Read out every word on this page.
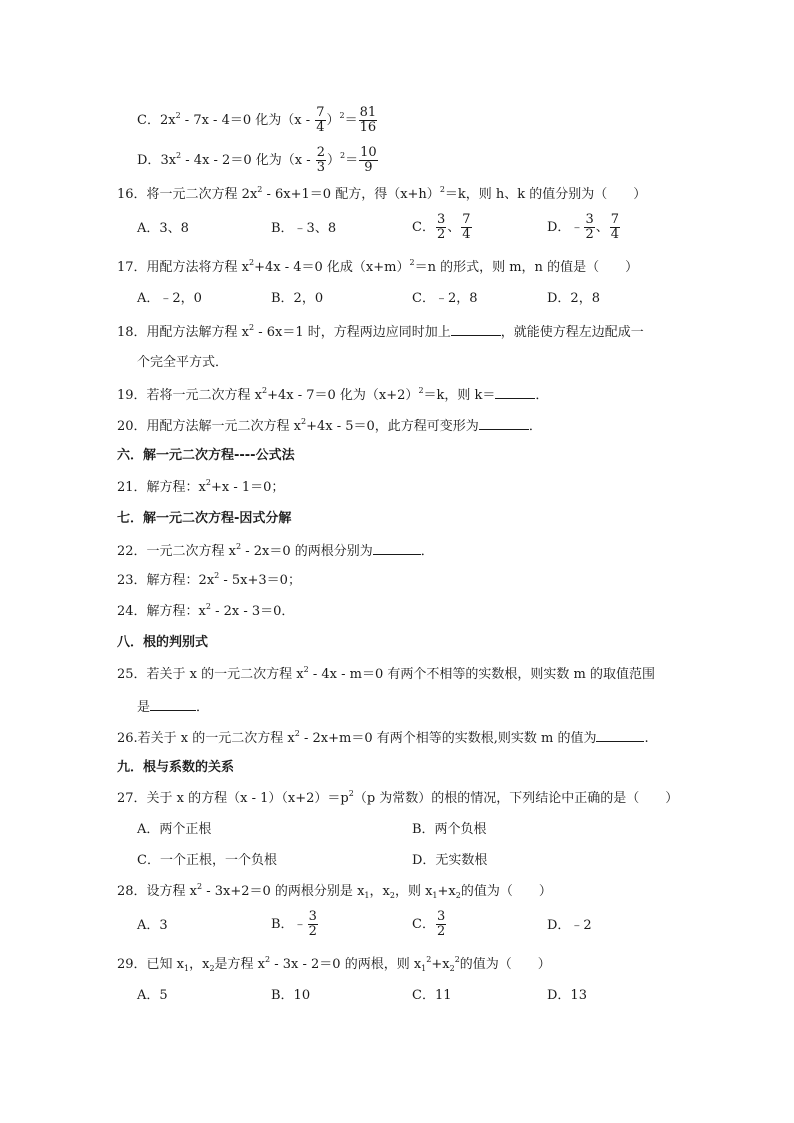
C．$2x^2 - 7x - 4=0$ 化为$(x - \frac{7}{4} )^2= \frac{81}{16}$
D．$3x^2 - 4x - 2=0$ 化为$(x - \frac{2}{3} )^2= \frac{10}{9}$
16．将一元二次方程 $2x^2 - 6x+1=0$ 配方，得$(x+h)^2=k$，则 h、k 的值分别为（　　）
A．3、8	B．﹣3、8	C． $\frac{3}{2}$ 、 $\frac{7}{4}$	D．﹣ $\frac{3}{2}$ 、 $\frac{7}{4}$
17．用配方法将方程 $x^2+4x - 4=0$ 化成$(x+m)^2=n$ 的形式，则 m，n 的值是（　　）
A．﹣2，0	B．2，0	C．﹣2，8	D．2，8
18．用配方法解方程 $x^2 - 6x=1$ 时，方程两边应同时加上	，就能使方程左边配成一
个完全平方式．
19．若将一元二次方程 $x^2+4x - 7=0$ 化为$(x+2)^2=k$，则 k＝	．
20．用配方法解一元二次方程 $x^2+4x - 5=0$，此方程可变形为	．
六．解一元二次方程----公式法
21．解方程：$x^2+x - 1=0$；
七．解一元二次方程-因式分解
22．一元二次方程 $x^2 - 2x=0$ 的两根分别为	．
23．解方程：$2x^2 - 5x+3=0$；
24．解方程：$x^2 - 2x - 3=0$．
八．根的判别式
25．若关于 x 的一元二次方程 $x^2 - 4x - m=0$ 有两个不相等的实数根，则实数 m 的取值范围
是	．
26.若关于 x 的一元二次方程 $x^2 - 2x+m=0$ 有两个相等的实数根,则实数 m 的值为	.
九．根与系数的关系
27．关于 x 的方程$(x - 1)(x+2)=p^2(p$ 为常数）的根的情况，下列结论中正确的是（　　）
A．两个正根	B．两个负根
C．一个正根，一个负根	D．无实数根
28．设方程 $x^2 - 3x+2=0$ 的两根分别是 $x_1$，$x_2$，则 $x_1+x_2$的值为（　　）
A．3	B．﹣ $\frac{3}{2}$	C． $\frac{3}{2}$	D．﹣2
29．已知 $x_1$，$x_2$是方程 $x^2 - 3x - 2=0$ 的两根，则 $x_1^2+x_2^2$的值为（　　）
A．5	B．10	C．11	D．13
